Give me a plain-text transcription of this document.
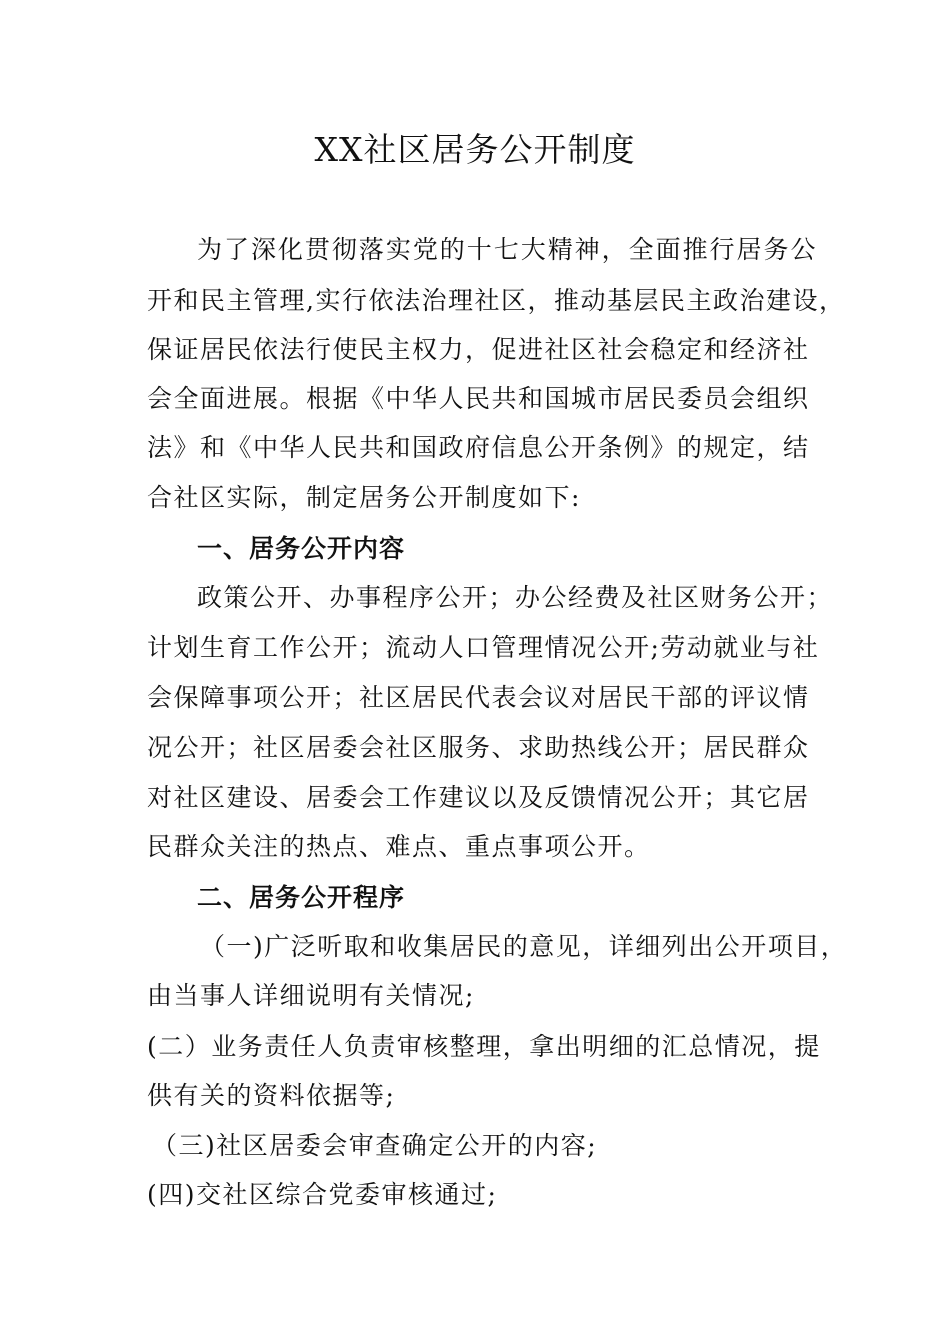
XX社区居务公开制度
为了深化贯彻落实党的十七大精神，全面推行居务公
开和民主管理,实行依法治理社区，推动基层民主政治建设，
保证居民依法行使民主权力，促进社区社会稳定和经济社
会全面进展。根据《中华人民共和国城市居民委员会组织
法》和《中华人民共和国政府信息公开条例》的规定，结
合社区实际，制定居务公开制度如下:
一、居务公开内容
政策公开、办事程序公开；办公经费及社区财务公开；
计划生育工作公开；流动人口管理情况公开;劳动就业与社
会保障事项公开；社区居民代表会议对居民干部的评议情
况公开；社区居委会社区服务、求助热线公开；居民群众
对社区建设、居委会工作建议以及反馈情况公开；其它居
民群众关注的热点、难点、重点事项公开。
二、居务公开程序
（一)广泛听取和收集居民的意见，详细列出公开项目，
由当事人详细说明有关情况;
(二）业务责任人负责审核整理，拿出明细的汇总情况，提
供有关的资料依据等;
（三)社区居委会审查确定公开的内容;
(四)交社区综合党委审核通过;
